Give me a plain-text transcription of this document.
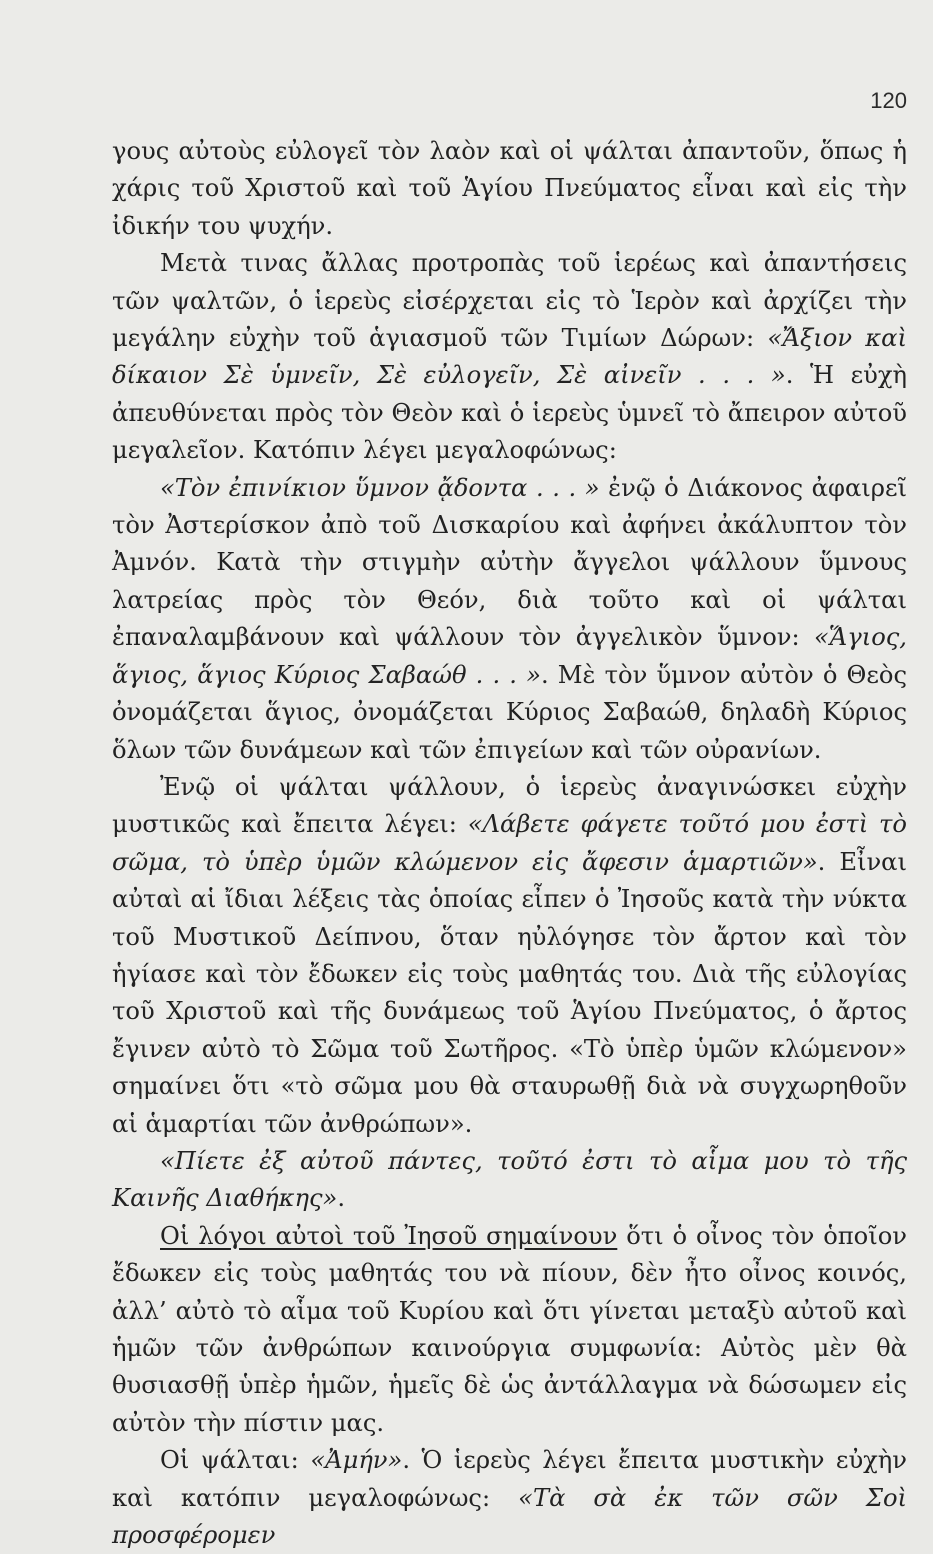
120

γους αὐτοὺς εὐλογεῖ τὸν λαὸν καὶ οἱ ψάλται ἀπαντοῦν, ὅπως ἡ χάρις τοῦ Χριστοῦ καὶ τοῦ Ἁγίου Πνεύματος εἶναι καὶ εἰς τὴν ἰδικήν του ψυχήν.

Μετὰ τινας ἄλλας προτροπὰς τοῦ ἱερέως καὶ ἀπαντήσεις τῶν ψαλτῶν, ὁ ἱερεὺς εἰσέρχεται εἰς τὸ Ἱερὸν καὶ ἀρχίζει τὴν μεγάλην εὐχὴν τοῦ ἁγιασμοῦ τῶν Τιμίων Δώρων: «Ἄξιον καὶ δίκαιον Σὲ ὑμνεῖν, Σὲ εὐλογεῖν, Σὲ αἰνεῖν . . . ». Ἡ εὐχὴ ἀπευθύνεται πρὸς τὸν Θεὸν καὶ ὁ ἱερεὺς ὑμνεῖ τὸ ἄπειρον αὐτοῦ μεγαλεῖον. Κατόπιν λέγει μεγαλοφώνως:

«Τὸν ἐπινίκιον ὕμνον ᾄδοντα . . . » ἐνῷ ὁ Διάκονος ἀφαιρεῖ τὸν Ἀστερίσκον ἀπὸ τοῦ Δισκαρίου καὶ ἀφήνει ἀκάλυπτον τὸν Ἀμνόν. Κατὰ τὴν στιγμὴν αὐτὴν ἄγγελοι ψάλλουν ὕμνους λατρείας πρὸς τὸν Θεόν, διὰ τοῦτο καὶ οἱ ψάλται ἐπαναλαμβάνουν καὶ ψάλλουν τὸν ἀγγελικὸν ὕμνον: «Ἅγιος, ἅγιος, ἅγιος Κύριος Σαβαώθ . . . ». Μὲ τὸν ὕμνον αὐτὸν ὁ Θεὸς ὀνομάζεται ἅγιος, ὀνομάζεται Κύριος Σαβαώθ, δηλαδὴ Κύριος ὅλων τῶν δυνάμεων καὶ τῶν ἐπιγείων καὶ τῶν οὐρανίων.

Ἐνῷ οἱ ψάλται ψάλλουν, ὁ ἱερεὺς ἀναγινώσκει εὐχὴν μυστικῶς καὶ ἔπειτα λέγει: «Λάβετε φάγετε τοῦτό μου ἐστὶ τὸ σῶμα, τὸ ὑπὲρ ὑμῶν κλώμενον εἰς ἄφεσιν ἁμαρτιῶν». Εἶναι αὐταὶ αἱ ἴδιαι λέξεις τὰς ὁποίας εἶπεν ὁ Ἰησοῦς κατὰ τὴν νύκτα τοῦ Μυστικοῦ Δείπνου, ὅταν ηὐλόγησε τὸν ἄρτον καὶ τὸν ἡγίασε καὶ τὸν ἔδωκεν εἰς τοὺς μαθητάς του. Διὰ τῆς εὐλογίας τοῦ Χριστοῦ καὶ τῆς δυνάμεως τοῦ Ἁγίου Πνεύματος, ὁ ἄρτος ἔγινεν αὐτὸ τὸ Σῶμα τοῦ Σωτῆρος. «Τὸ ὑπὲρ ὑμῶν κλώμενον» σημαίνει ὅτι «τὸ σῶμα μου θὰ σταυρωθῇ διὰ νὰ συγχωρηθοῦν αἱ ἁμαρτίαι τῶν ἀνθρώπων».

«Πίετε ἐξ αὐτοῦ πάντες, τοῦτό ἐστι τὸ αἷμα μου τὸ τῆς Καινῆς Διαθήκης».

Οἱ λόγοι αὐτοὶ τοῦ Ἰησοῦ σημαίνουν ὅτι ὁ οἶνος τὸν ὁποῖον ἔδωκεν εἰς τοὺς μαθητάς του νὰ πίουν, δὲν ἦτο οἶνος κοινός, ἀλλ’ αὐτὸ τὸ αἷμα τοῦ Κυρίου καὶ ὅτι γίνεται μεταξὺ αὐτοῦ καὶ ἡμῶν τῶν ἀνθρώπων καινούργια συμφωνία: Αὐτὸς μὲν θὰ θυσιασθῇ ὑπὲρ ἡμῶν, ἡμεῖς δὲ ὡς ἀντάλλαγμα νὰ δώσωμεν εἰς αὐτὸν τὴν πίστιν μας.

Οἱ ψάλται: «Ἀμήν». Ὁ ἱερεὺς λέγει ἔπειτα μυστικὴν εὐχὴν καὶ κατόπιν μεγαλοφώνως: «Τὰ σὰ ἐκ τῶν σῶν Σοὶ προσφέρομεν
